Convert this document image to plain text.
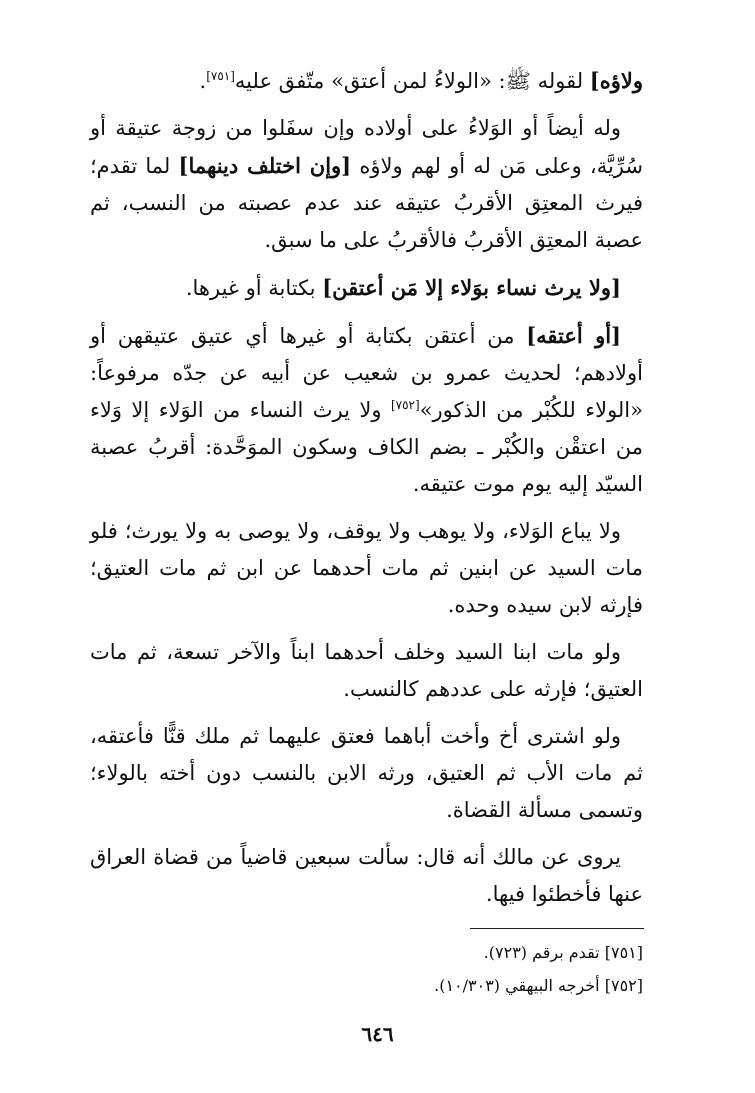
ولاؤه] لقوله ﷺ: «الولاءُ لمن أعتق» متّفق عليه[٧٥١].

وله أيضاً أو الوَلاءُ على أولاده وإن سفَلوا من زوجة عتيقة أو سُرِّيَّة، وعلى مَن له أو لهم ولاؤه [وإن اختلف دينهما] لما تقدم؛ فيرث المعتِق الأقربُ عتيقه عند عدم عصبته من النسب، ثم عصبة المعتِق الأقربُ فالأقربُ على ما سبق.

[ولا يرث نساء بوَلاء إلا مَن أعتقن] بكتابة أو غيرها.

[أو أعتقه] من أعتقن بكتابة أو غيرها أي عتيق عتيقهن أو أولادهم؛ لحديث عمرو بن شعيب عن أبيه عن جدّه مرفوعاً: «الولاء للكُبْر من الذكور»[٧٥٢] ولا يرث النساء من الوَلاء إلا وَلاء من اعتقْن والكُبْر ـ بضم الكاف وسكون الموَحَّدة: أقربُ عصبة السيّد إليه يوم موت عتيقه.

ولا يباع الوَلاء، ولا يوهب ولا يوقف، ولا يوصى به ولا يورث؛ فلو مات السيد عن ابنين ثم مات أحدهما عن ابن ثم مات العتيق؛ فإرثه لابن سيده وحده.

ولو مات ابنا السيد وخلف أحدهما ابناً والآخر تسعة، ثم مات العتيق؛ فإرثه على عددهم كالنسب.

ولو اشترى أخ وأخت أباهما فعتق عليهما ثم ملك قنًّا فأعتقه، ثم مات الأب ثم العتيق، ورثه الابن بالنسب دون أخته بالولاء؛ وتسمى مسألة القضاة.

يروى عن مالك أنه قال: سألت سبعين قاضياً من قضاة العراق عنها فأخطئوا فيها.

[٧٥١] تقدم برقم (٧٢٣).

[٧٥٢] أخرجه البيهقي (١٠/٣٠٣).

٦٤٦
